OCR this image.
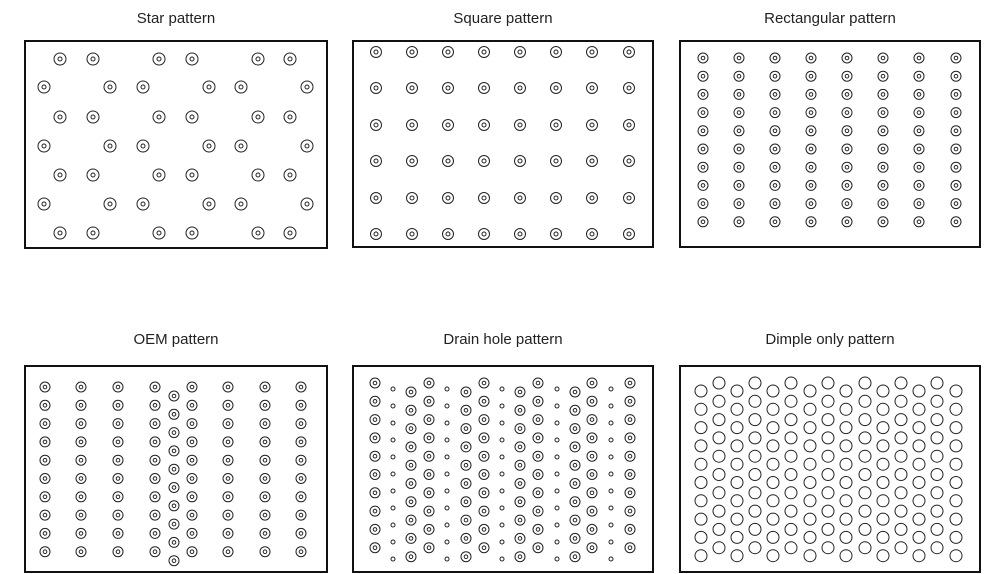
Star pattern	Square pattern	Rectangular pattern
OEM pattern	Drain hole pattern	Dimple only pattern
